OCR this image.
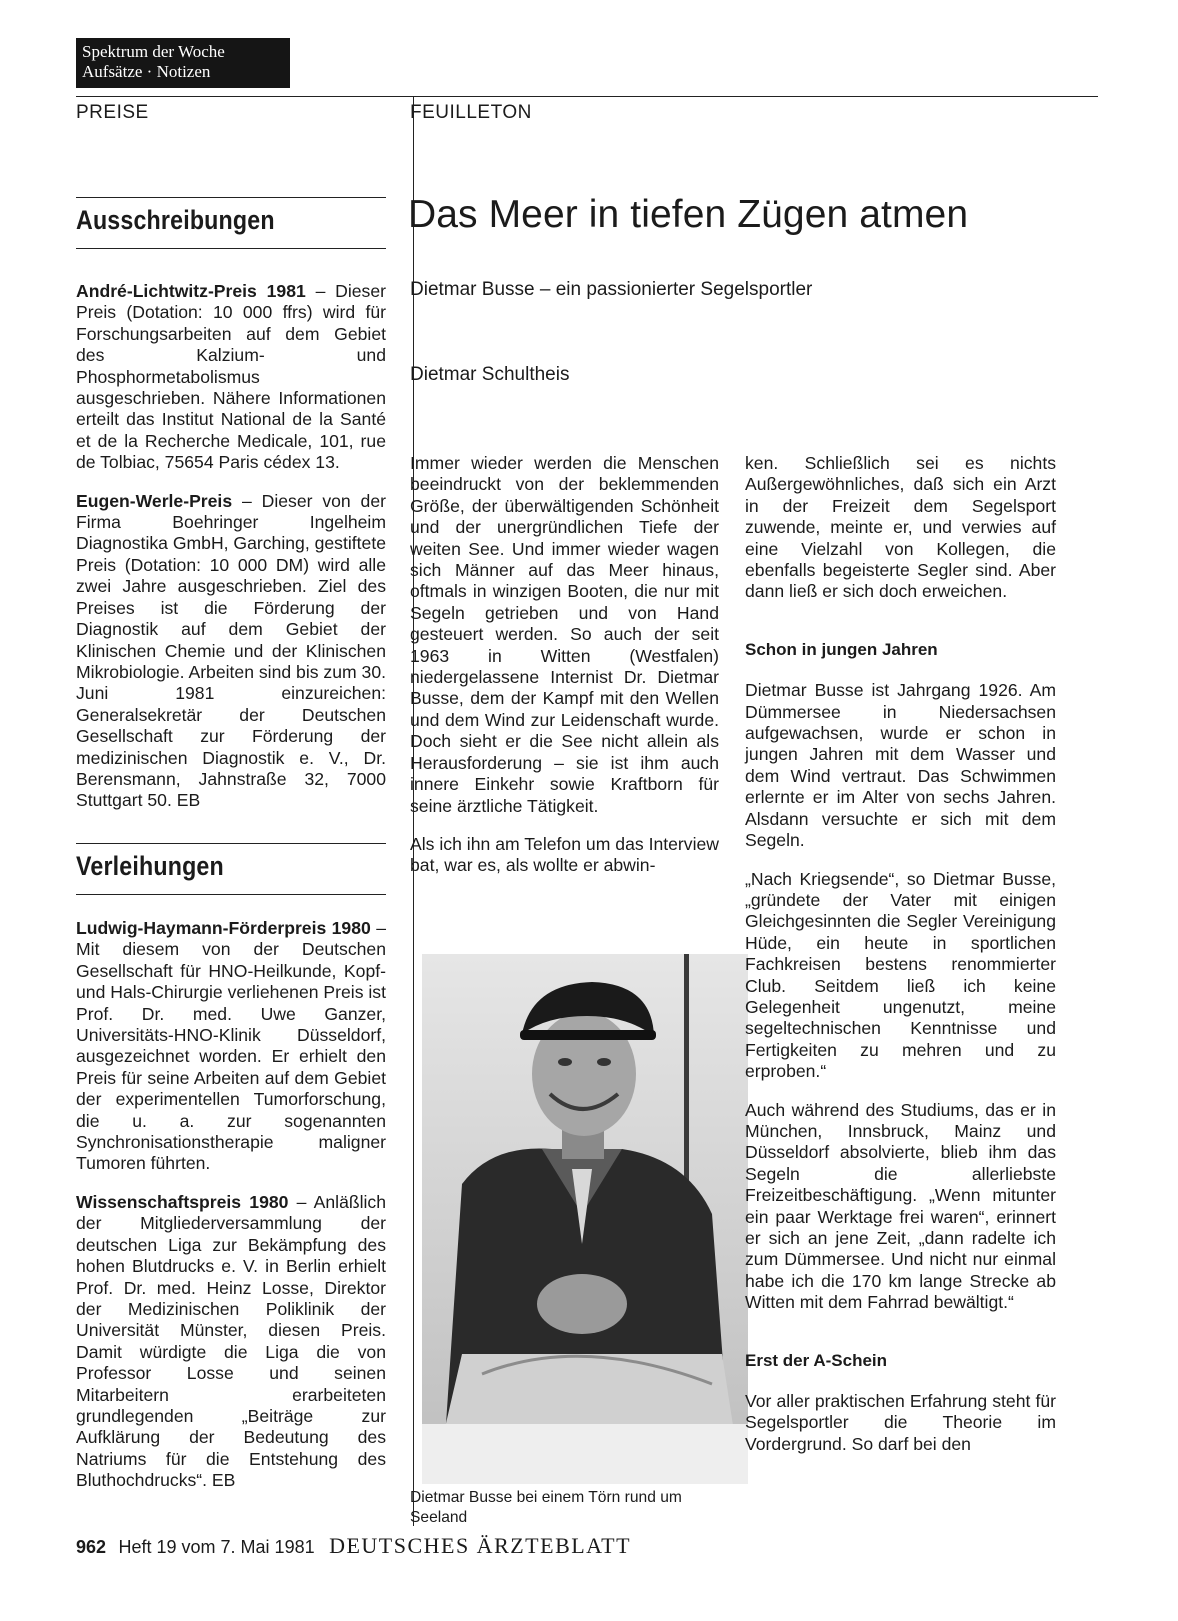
Spektrum der Woche
Aufsätze · Notizen
PREISE
Ausschreibungen

André-Lichtwitz-Preis 1981 – Dieser Preis (Dotation: 10 000 ffrs) wird für Forschungsarbeiten auf dem Gebiet des Kalzium- und Phosphormetabolismus ausgeschrieben. Nähere Informationen erteilt das Institut National de la Santé et de la Recherche Medicale, 101, rue de Tolbiac, 75654 Paris cédex 13.

Eugen-Werle-Preis – Dieser von der Firma Boehringer Ingelheim Diagnostika GmbH, Garching, gestiftete Preis (Dotation: 10 000 DM) wird alle zwei Jahre ausgeschrieben. Ziel des Preises ist die Förderung der Diagnostik auf dem Gebiet der Klinischen Chemie und der Klinischen Mikrobiologie. Arbeiten sind bis zum 30. Juni 1981 einzureichen: Generalsekretär der Deutschen Gesellschaft zur Förderung der medizinischen Diagnostik e. V., Dr. Berensmann, Jahnstraße 32, 7000 Stuttgart 50. EB

Verleihungen

Ludwig-Haymann-Förderpreis 1980 – Mit diesem von der Deutschen Gesellschaft für HNO-Heilkunde, Kopf- und Hals-Chirurgie verliehenen Preis ist Prof. Dr. med. Uwe Ganzer, Universitäts-HNO-Klinik Düsseldorf, ausgezeichnet worden. Er erhielt den Preis für seine Arbeiten auf dem Gebiet der experimentellen Tumorforschung, die u. a. zur sogenannten Synchronisationstherapie maligner Tumoren führten.

Wissenschaftspreis 1980 – Anläßlich der Mitgliederversammlung der deutschen Liga zur Bekämpfung des hohen Blutdrucks e. V. in Berlin erhielt Prof. Dr. med. Heinz Losse, Direktor der Medizinischen Poliklinik der Universität Münster, diesen Preis. Damit würdigte die Liga die von Professor Losse und seinen Mitarbeitern erarbeiteten grundlegenden „Beiträge zur Aufklärung der Bedeutung des Natriums für die Entstehung des Bluthochdrucks“. EB

FEUILLETON
Das Meer in tiefen Zügen atmen
Dietmar Busse – ein passionierter Segelsportler
Dietmar Schultheis

Immer wieder werden die Menschen beeindruckt von der beklemmenden Größe, der überwältigenden Schönheit und der unergründlichen Tiefe der weiten See. Und immer wieder wagen sich Männer auf das Meer hinaus, oftmals in winzigen Booten, die nur mit Segeln getrieben und von Hand gesteuert werden. So auch der seit 1963 in Witten (Westfalen) niedergelassene Internist Dr. Dietmar Busse, dem der Kampf mit den Wellen und dem Wind zur Leidenschaft wurde. Doch sieht er die See nicht allein als Herausforderung – sie ist ihm auch innere Einkehr sowie Kraftborn für seine ärztliche Tätigkeit.

Als ich ihn am Telefon um das Interview bat, war es, als wollte er abwin-

Dietmar Busse bei einem Törn rund um Seeland

ken. Schließlich sei es nichts Außergewöhnliches, daß sich ein Arzt in der Freizeit dem Segelsport zuwende, meinte er, und verwies auf eine Vielzahl von Kollegen, die ebenfalls begeisterte Segler sind. Aber dann ließ er sich doch erweichen.

Schon in jungen Jahren

Dietmar Busse ist Jahrgang 1926. Am Dümmersee in Niedersachsen aufgewachsen, wurde er schon in jungen Jahren mit dem Wasser und dem Wind vertraut. Das Schwimmen erlernte er im Alter von sechs Jahren. Alsdann versuchte er sich mit dem Segeln.

„Nach Kriegsende“, so Dietmar Busse, „gründete der Vater mit einigen Gleichgesinnten die Segler Vereinigung Hüde, ein heute in sportlichen Fachkreisen bestens renommierter Club. Seitdem ließ ich keine Gelegenheit ungenutzt, meine segeltechnischen Kenntnisse und Fertigkeiten zu mehren und zu erproben.“

Auch während des Studiums, das er in München, Innsbruck, Mainz und Düsseldorf absolvierte, blieb ihm das Segeln die allerliebste Freizeitbeschäftigung. „Wenn mitunter ein paar Werktage frei waren“, erinnert er sich an jene Zeit, „dann radelte ich zum Dümmersee. Und nicht nur einmal habe ich die 170 km lange Strecke ab Witten mit dem Fahrrad bewältigt.“

Erst der A-Schein

Vor aller praktischen Erfahrung steht für Segelsportler die Theorie im Vordergrund. So darf bei den

962 Heft 19 vom 7. Mai 1981 DEUTSCHES ÄRZTEBLATT
